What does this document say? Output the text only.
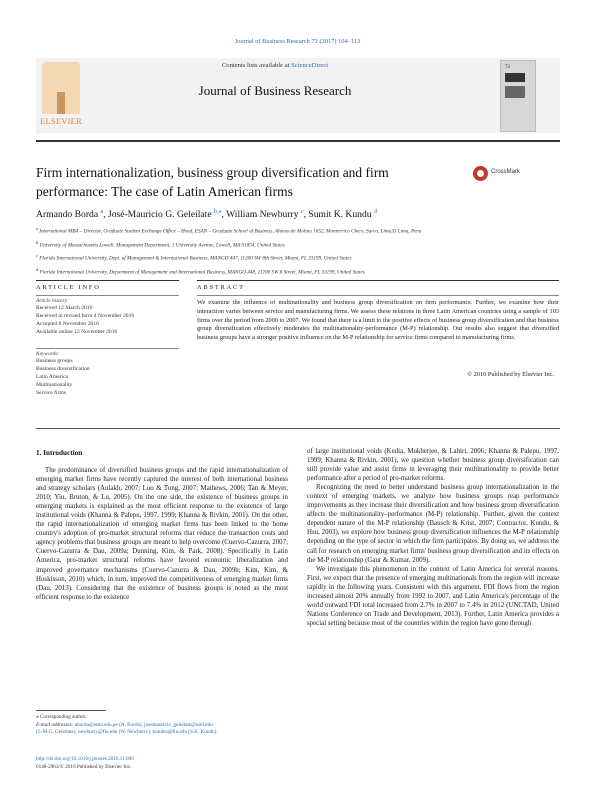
Journal of Business Research 72 (2017) 104–113
ELSEVIER
Contents lists available at ScienceDirect
Journal of Business Research
72
Firm internationalization, business group diversification and firm
performance: The case of Latin American firms
CrossMark
Armando Borda $^a$, José-Mauricio G. Geleilate $^{b,⁎}$, William Newburry $^c$, Sumit K. Kundu $^d$
$^a$ International MBA – Director, Graduate Student Exchange Office – Head, ESAN – Graduate School of Business, Alonso de Molina 1652, Monterrico Chico, Surco, Lima33 Lima, Peru
$^b$ University of Massachusetts Lowell, Management Department, 1 University Avenue, Lowell, MA 01854, United States
$^c$ Florida International University, Dept. of Management & International Business, MANGO 447, 11200 SW 8th Street, Miami, FL 33199, United States
$^d$ Florida International University, Department of Management and International Business, MANGO 448, 11200 SW 8 Street, Miami, FL 33199, United States
ARTICLE INFO	ABSTRACT
Article history:
Received 12 March 2016
Received in revised form 4 November 2016
Accepted 8 November 2016
Available online 12 November 2016
Keywords:
Business groups
Business diversification
Latin America
Multinationality
Service firms
We examine the influence of multinationality and business group diversification on firm performance. Further, we examine how their interaction varies between service and manufacturing firms. We assess these relations in three Latin American countries using a sample of 103 firms over the period from 2000 to 2007. We found that there is a limit to the positive effects of business group diversification and that business group diversification effectively moderates the multinationality-performance (M-P) relationship. Our results also suggest that diversified business groups have a stronger positive influence on the M-P relationship for service firms compared to manufacturing firms.
© 2016 Published by Elsevier Inc.
1. Introduction

The predominance of diversified business groups and the rapid internationalization of emerging market firms have recently captured the interest of both international business and strategy scholars (Aulakh, 2007; Luo & Tung, 2007; Mathews, 2006; Tan & Meyer, 2010; Yiu, Bruton, & Lu, 2005). On the one side, the existence of business groups in emerging markets is explained as the most efficient response to the existence of large institutional voids (Khanna & Palepu, 1997, 1999; Khanna & Rivkin, 2001). On the other, the rapid internationalization of emerging market firms has been linked to the home country's adoption of pro-market structural reforms that reduce the transaction costs and agency problems that business groups are meant to help overcome (Cuervo-Cazurra, 2007; Cuervo-Cazurra & Dau, 2009a; Dunning, Kim, & Park, 2008). Specifically in Latin America, pro-market structural reforms have favored economic liberalization and improved governance mechanisms (Cuervo-Cazurra & Dau, 2009b; Kim, Kim, & Hoskisson, 2010) which, in turn, improved the competitiveness of emerging market firms (Dau, 2013). Considering that the existence of business groups is noted as the most efficient response to the existence

of large institutional voids (Kedia, Mukherjee, & Lahiri, 2006; Khanna & Palepu, 1997, 1999; Khanna & Rivkin, 2001), we question whether business group diversification can still provide value and assist firms in leveraging their multinationality to provide better performance after a period of pro-market reforms.

Recognizing the need to better understand business group internationalization in the context of emerging markets, we analyze how business groups reap performance improvements as they increase their diversification and how business group diversification affects the multinationality–performance (M-P) relationship. Further, given the context dependent nature of the M-P relationship (Bausch & Krist, 2007; Contractor, Kundu, & Hsu, 2003), we explore how business group diversification influences the M-P relationship depending on the type of sector in which the firm participates. By doing so, we address the call for research on emerging market firms' business group diversification and its effects on the M-P relationship (Gaur & Kumar, 2009).

We investigate this phenomenon in the context of Latin America for several reasons. First, we expect that the presence of emerging multinationals from the region will increase rapidly in the following years. Consistent with this argument, FDI flows from the region increased almost 20% annually from 1992 to 2007, and Latin America's percentage of the world outward FDI total increased from 2.7% in 2007 to 7.4% in 2012 (UNCTAD, United Nations Conference on Trade and Development, 2013). Further, Latin America provides a special setting because most of the countries within the region have gone through

⁎ Corresponding author.
E-mail addresses: aborda@esan.edu.pe (A. Borda), josemauricio_geleilate@uml.edu
(J.-M.G. Geleilate), newburry@fiu.edu (W. Newburry), kundus@fiu.edu (S.K. Kundu).
http://dx.doi.org/10.1016/j.jbusres.2016.11.006
0148-2963/© 2016 Published by Elsevier Inc.
